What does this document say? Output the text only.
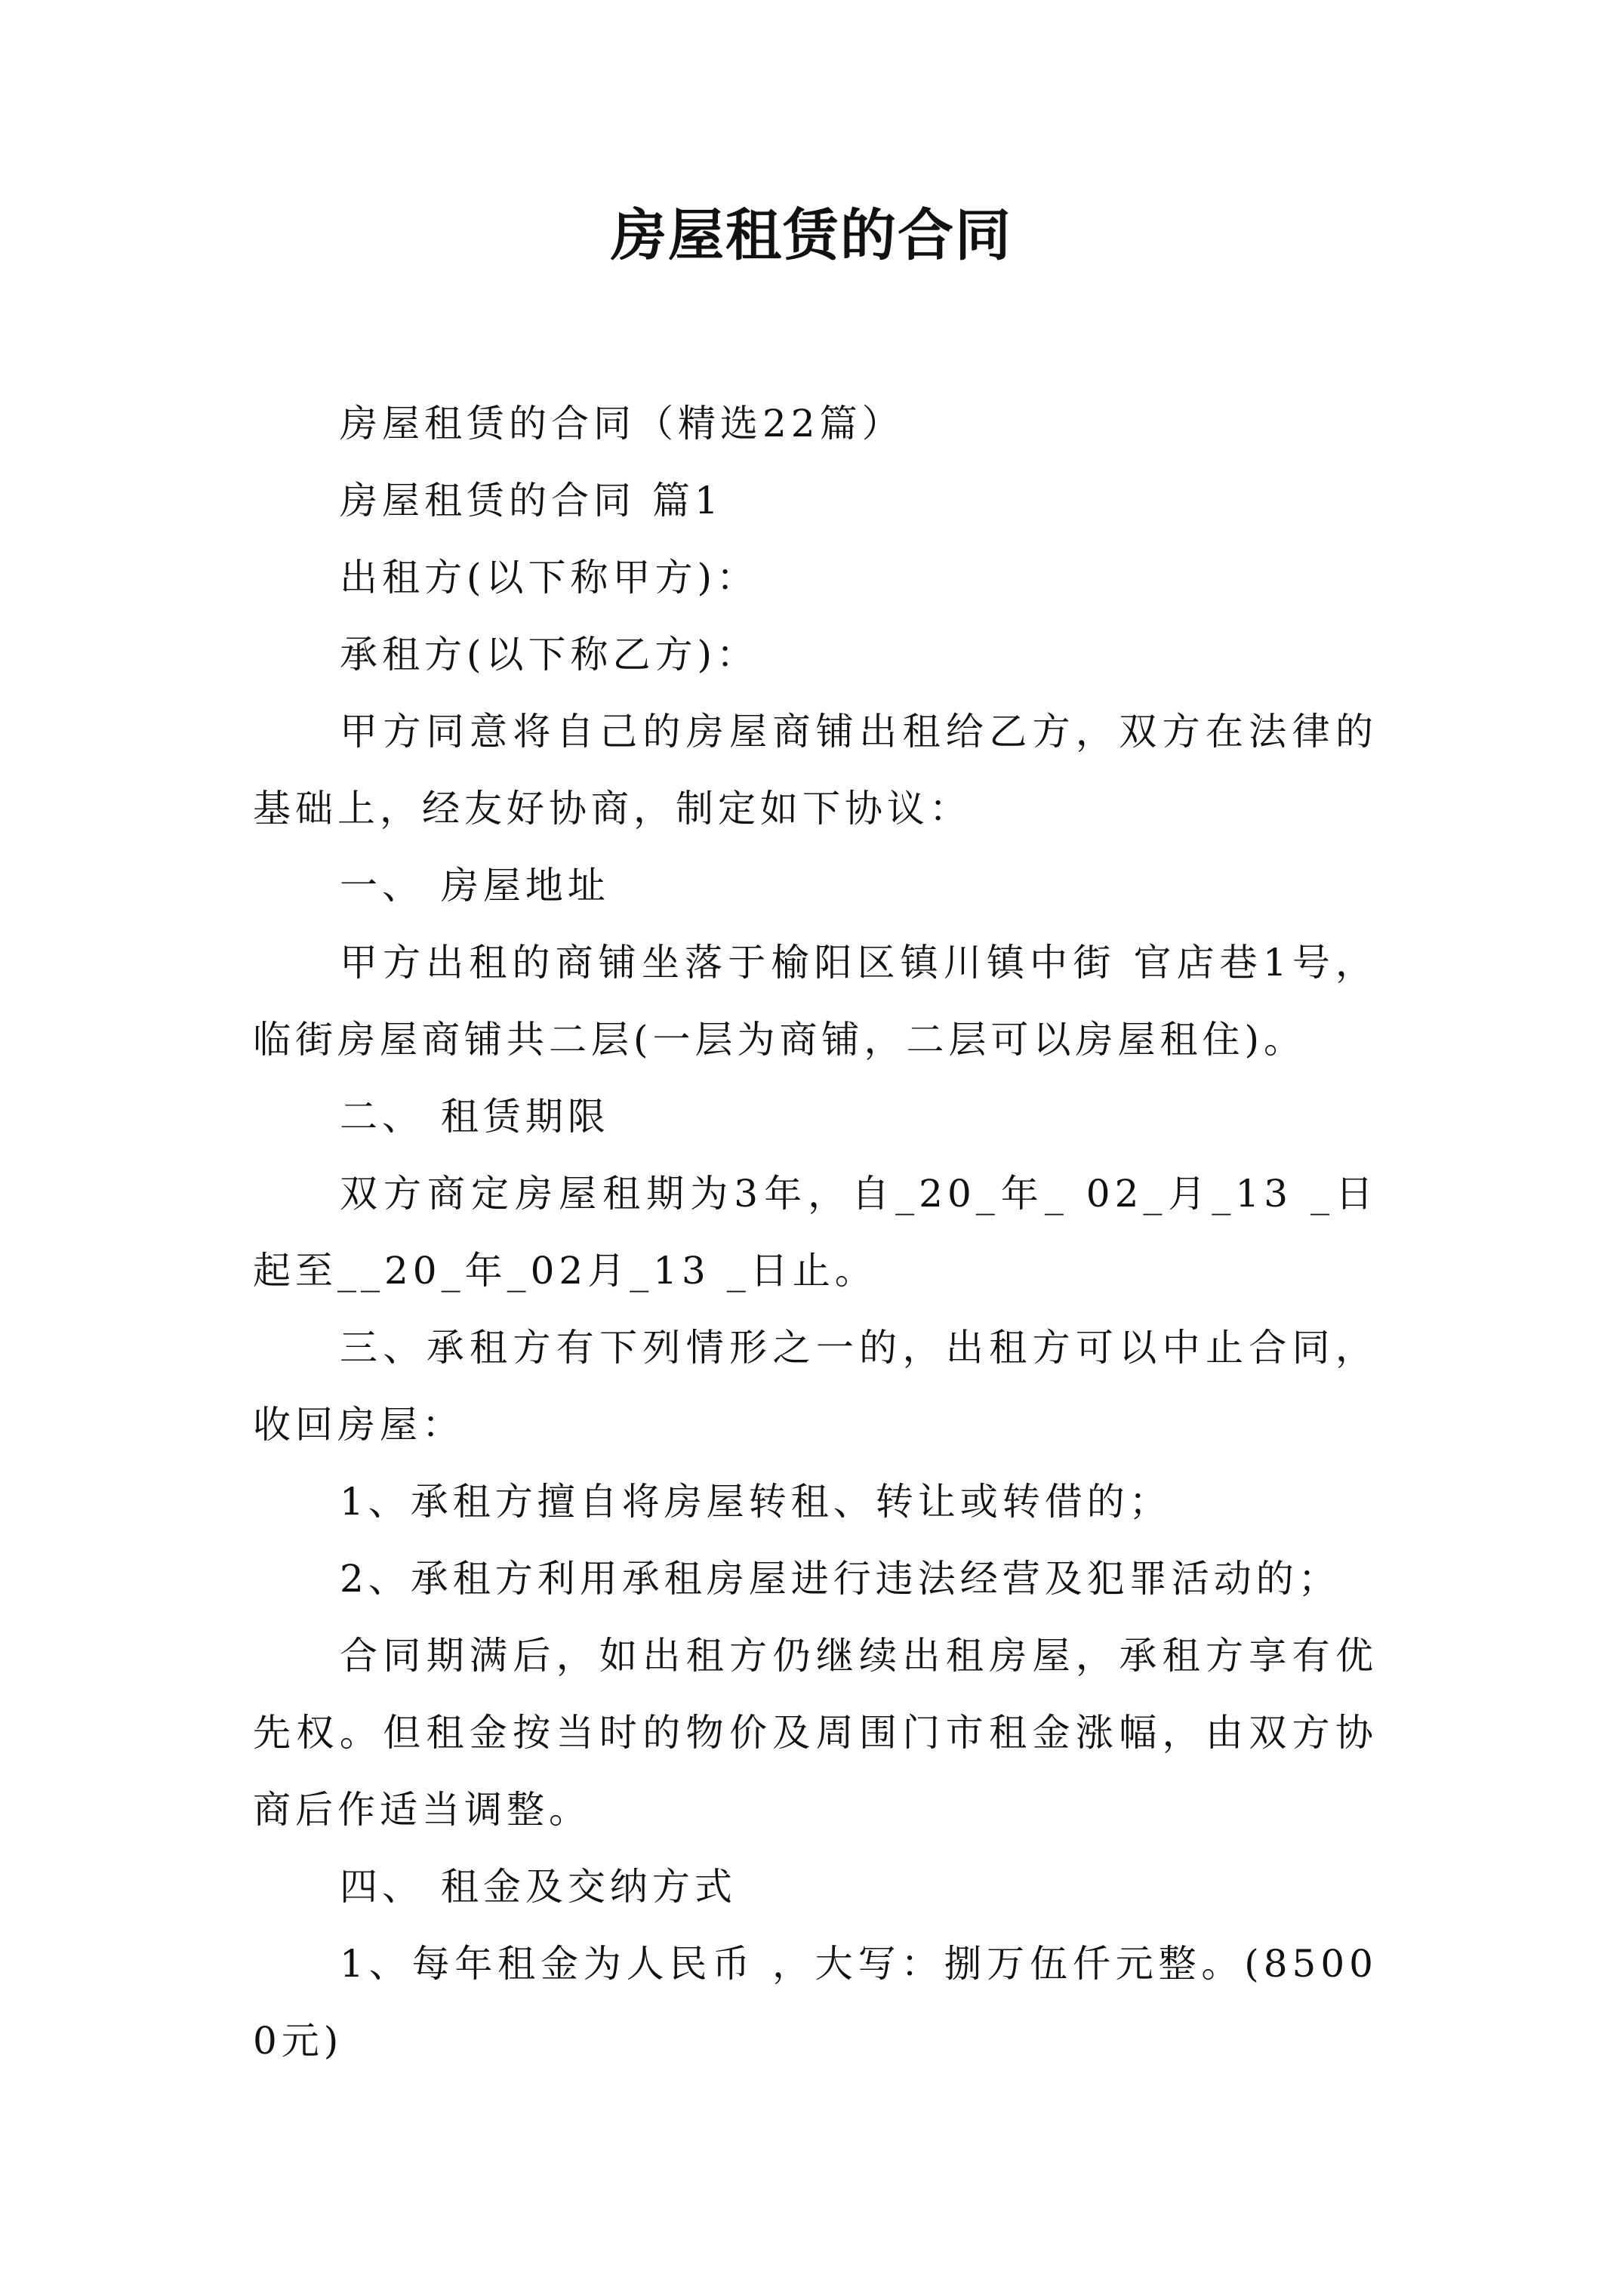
房屋租赁的合同

房屋租赁的合同（精选22篇）

房屋租赁的合同 篇1

出租方(以下称甲方)：

承租方(以下称乙方)：

甲方同意将自己的房屋商铺出租给乙方，双方在法律的基础上，经友好协商，制定如下协议：

一、 房屋地址

甲方出租的商铺坐落于榆阳区镇川镇中街 官店巷1号，临街房屋商铺共二层(一层为商铺，二层可以房屋租住)。

二、 租赁期限

双方商定房屋租期为3年，自_20_年_ 02_月_13 _日起至__20_年_02月_13 _日止。

三、承租方有下列情形之一的，出租方可以中止合同，收回房屋：

1、承租方擅自将房屋转租、转让或转借的；

2、承租方利用承租房屋进行违法经营及犯罪活动的；

合同期满后，如出租方仍继续出租房屋，承租方享有优先权。但租金按当时的物价及周围门市租金涨幅，由双方协商后作适当调整。

四、 租金及交纳方式

1、每年租金为人民币 ，大写：捌万伍仟元整。(85000元)
